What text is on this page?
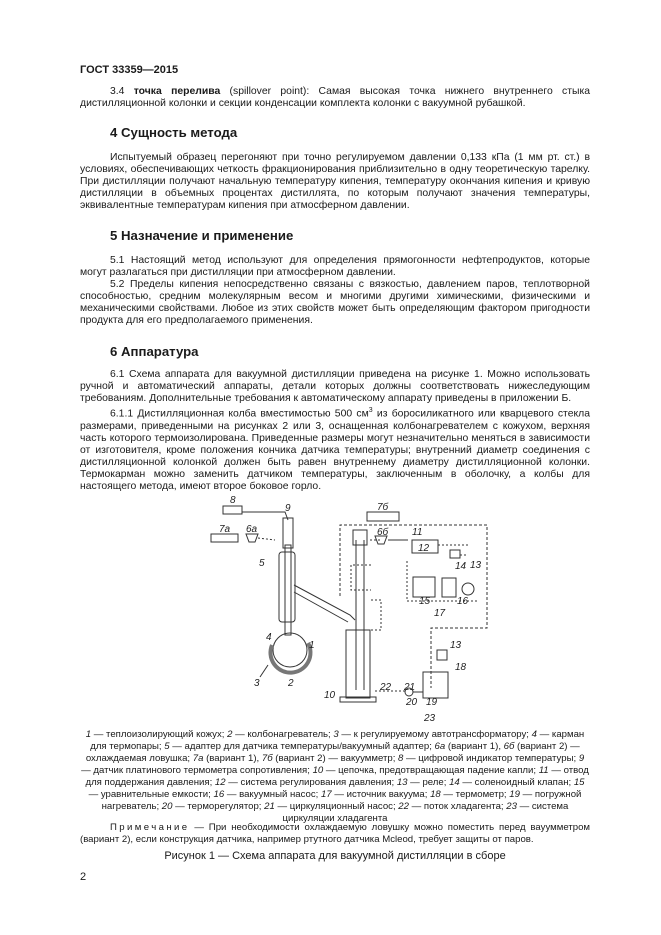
ГОСТ 33359—2015

3.4 точка перелива (spillover point): Самая высокая точка нижнего внутреннего стыка дистилляционной колонки и секции конденсации комплекта колонки с вакуумной рубашкой.

4 Сущность метода

Испытуемый образец перегоняют при точно регулируемом давлении 0,133 кПа (1 мм рт. ст.) в условиях, обеспечивающих четкость фракционирования приблизительно в одну теоретическую тарелку. При дистилляции получают начальную температуру кипения, температуру окончания кипения и кривую дистилляции в объемных процентах дистиллята, по которым получают значения температуры, эквивалентные температурам кипения при атмосферном давлении.

5 Назначение и применение

5.1 Настоящий метод используют для определения прямогонности нефтепродуктов, которые могут разлагаться при дистилляции при атмосферном давлении.

5.2 Пределы кипения непосредственно связаны с вязкостью, давлением паров, теплотворной способностью, средним молекулярным весом и многими другими химическими, физическими и механическими свойствами. Любое из этих свойств может быть определяющим фактором пригодности продукта для его предполагаемого применения.

6 Аппаратура

6.1 Схема аппарата для вакуумной дистилляции приведена на рисунке 1. Можно использовать ручной и автоматический аппараты, детали которых должны соответствовать нижеследующим требованиям. Дополнительные требования к автоматическому аппарату приведены в приложении Б.

6.1.1 Дистилляционная колба вместимостью 500 $см^3$ из боросиликатного или кварцевого стекла размерами, приведенными на рисунках 2 или 3, оснащенная колбонагревателем с кожухом, верхняя часть которого термоизолирована. Приведенные размеры могут незначительно меняться в зависимости от изготовителя, кроме положения кончика датчика температуры; внутренний диаметр соединения с дистилляционной колонкой должен быть равен внутреннему диаметру дистилляционной колонки. Термокарман можно заменить датчиком температуры, заключенным в оболочку, а колбы для настоящего метода, имеют второе боковое горло.

8
9
7а 6а
5
7б
6б 11
12
13
14
15	16
17
4
1
3	2
10
22 21
20 19
18
13
23
1 — теплоизолирующий кожух; 2 — колбонагреватель; 3 — к регулируемому автотрансформатору; 4 — карман для термопары; 5 — адаптер для датчика температуры/вакуумный адаптер; 6а (вариант 1), 6б (вариант 2) — охлаждаемая ловушка; 7а (вариант 1), 7б (вариант 2) — вакуумметр; 8 — цифровой индикатор температуры; 9 — датчик платинового термометра сопротивления; 10 — цепочка, предотвращающая падение капли; 11 — отвод для поддержания давления; 12 — система регулирования давления; 13 — реле; 14 — соленоидный клапан; 15 — уравнительные емкости; 16 — вакуумный насос; 17 — источник вакуума; 18 — термометр; 19 — погружной нагреватель; 20 — терморегулятор; 21 — циркуляционный насос; 22 — поток хладагента; 23 — система циркуляции хладагента
Примечание — При необходимости охлаждаемую ловушку можно поместить перед вауумметром (вариант 2), если конструкция датчика, например ртутного датчика Mcleod, требует защиты от паров.
Рисунок 1 — Схема аппарата для вакуумной дистилляции в сборе
2
